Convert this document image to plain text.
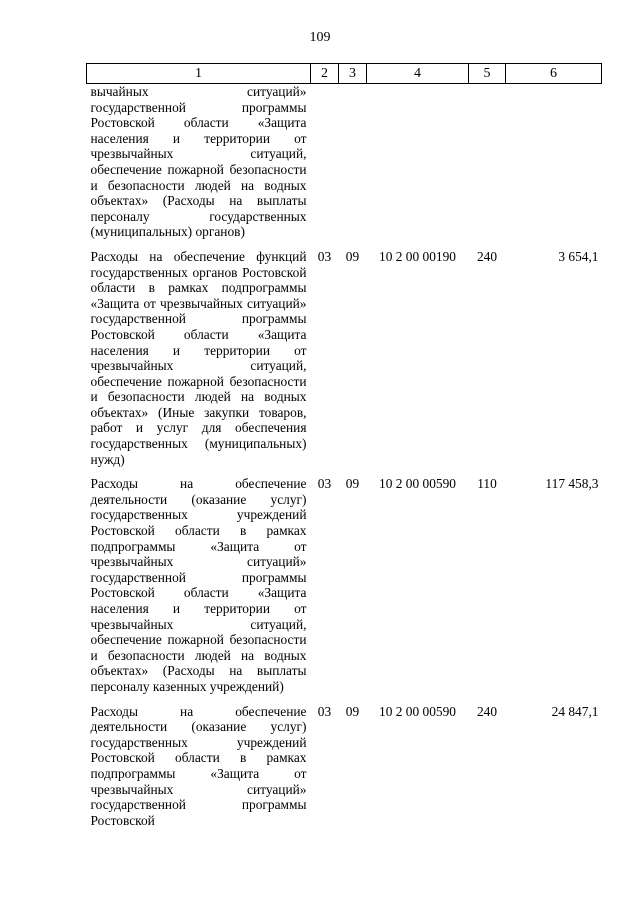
109
1	2	3	4	5	6
вычайных ситуаций» государственной программы Ростовской области «Защита населения и территории от чрезвычайных ситуаций, обеспечение пожарной безопасности и безопасности людей на водных объектах» (Расходы на выплаты персоналу государственных (муниципальных) органов)					
Расходы на обеспечение функций государственных органов Ростовской области в рамках подпрограммы «Защита от чрезвычайных ситуаций» государственной программы Ростовской области «Защита населения и территории от чрезвычайных ситуаций, обеспечение пожарной безопасности и безопасности людей на водных объектах» (Иные закупки товаров, работ и услуг для обеспечения государственных (муниципальных) нужд)	03	09	10 2 00 00190	240	3 654,1
Расходы на обеспечение деятельности (оказание услуг) государственных учреждений Ростовской области в рамках подпрограммы «Защита от чрезвычайных ситуаций» государственной программы Ростовской области «Защита населения и территории от чрезвычайных ситуаций, обеспечение пожарной безопасности и безопасности людей на водных объектах» (Расходы на выплаты персоналу казенных учреждений)	03	09	10 2 00 00590	110	117 458,3
Расходы на обеспечение деятельности (оказание услуг) государственных учреждений Ростовской области в рамках подпрограммы «Защита от чрезвычайных ситуаций» государственной программы Ростовской	03	09	10 2 00 00590	240	24 847,1
